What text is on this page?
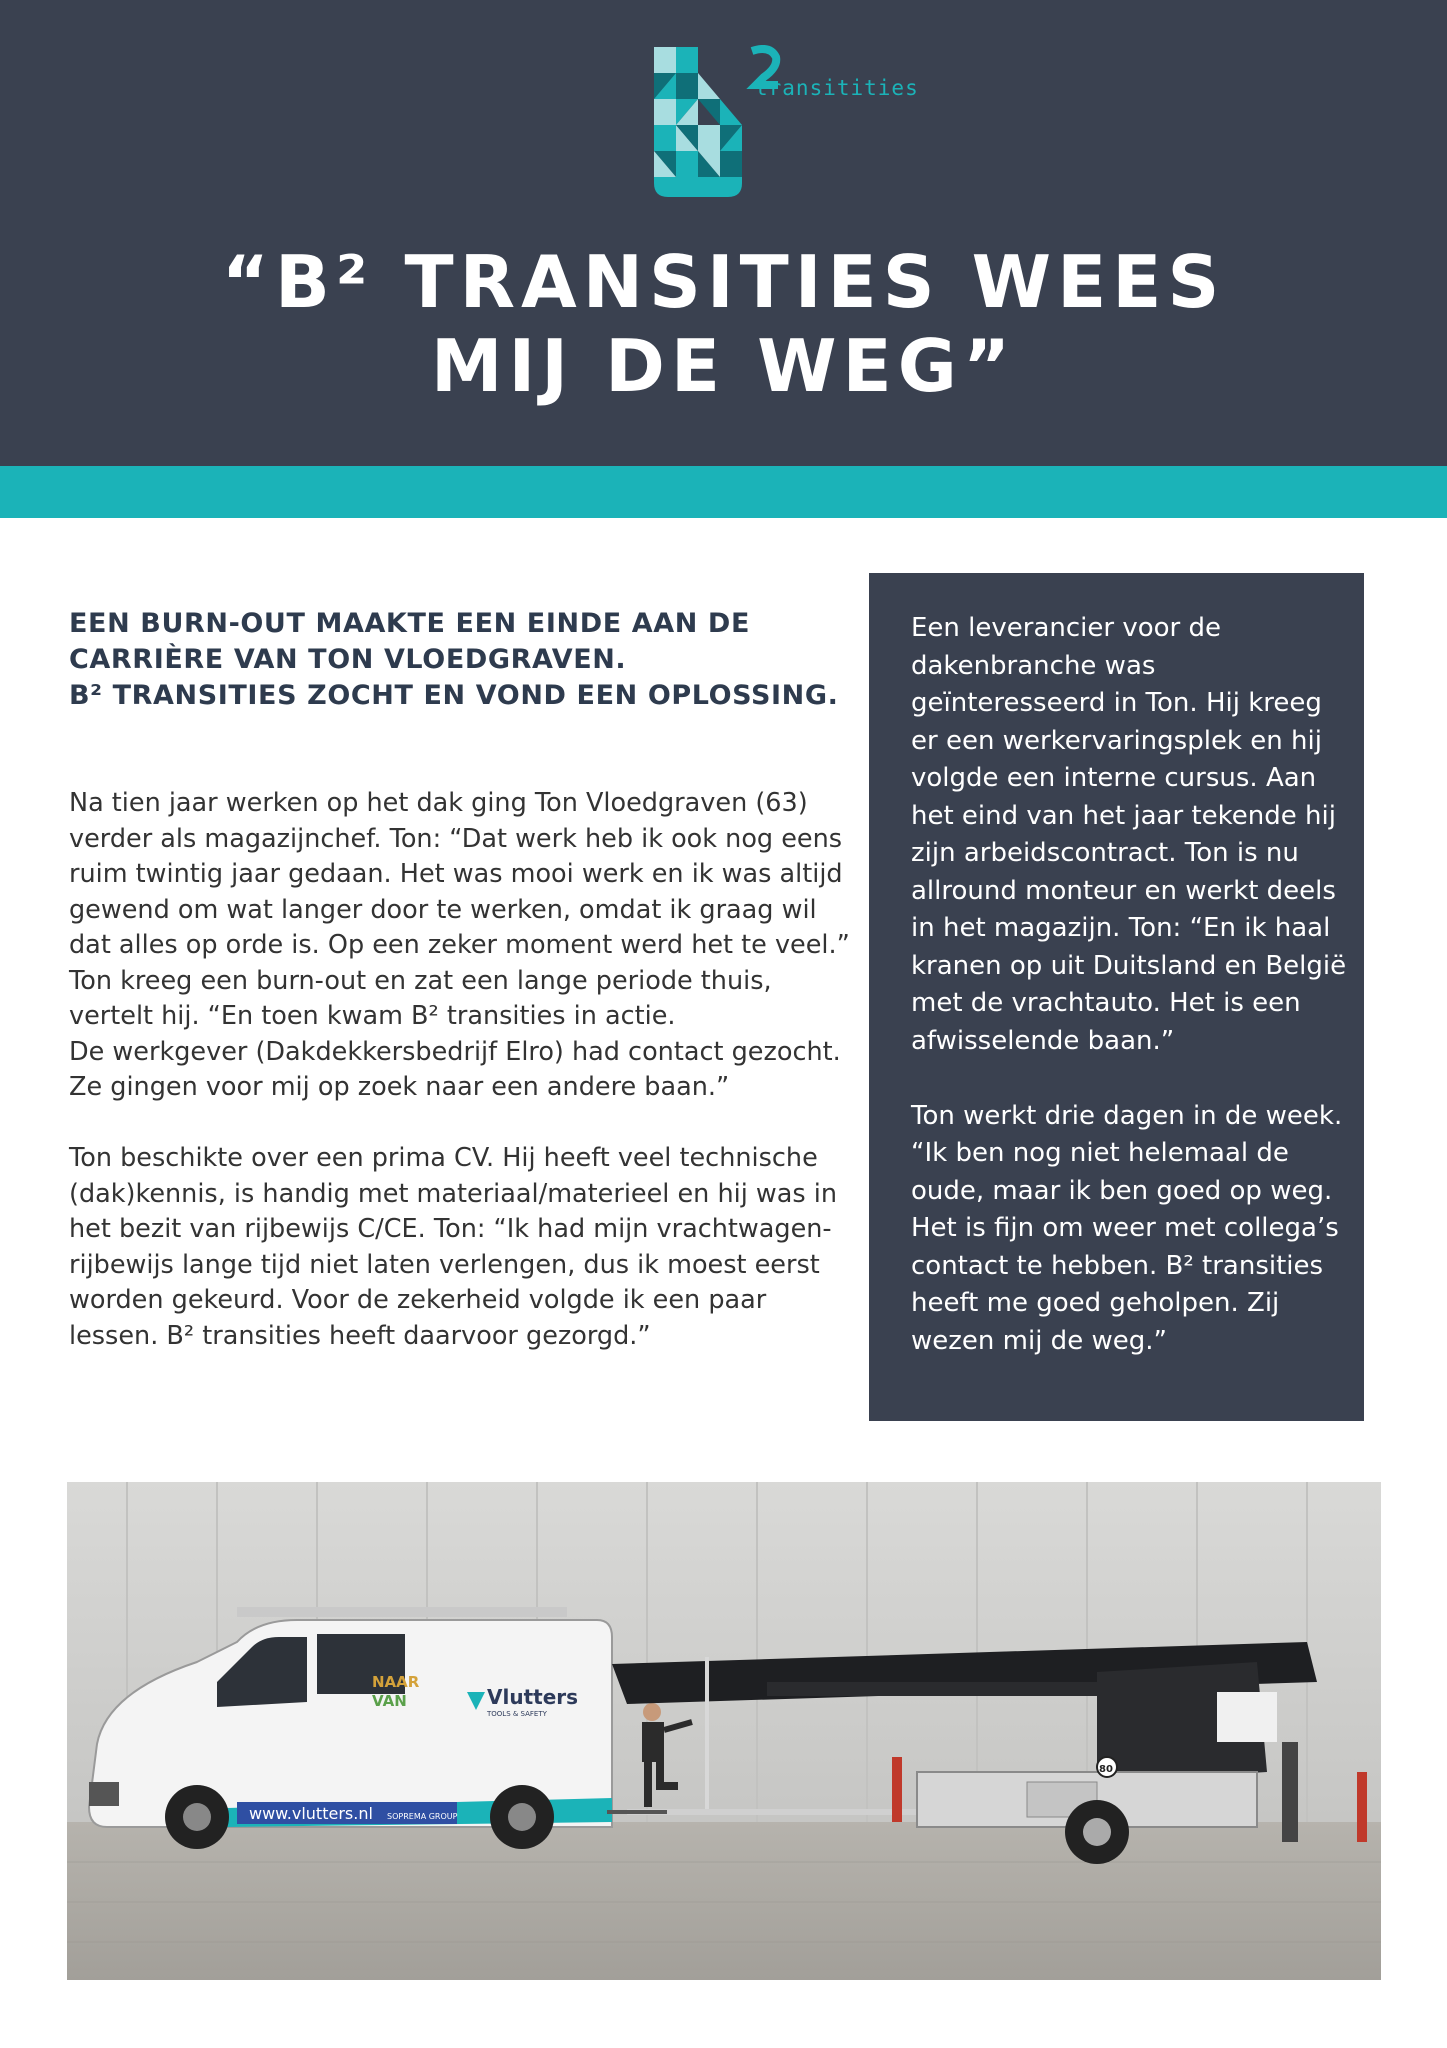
transitities
“B² TRANSITIES WEES
MIJ DE WEG”
EEN BURN-OUT MAAKTE EEN EINDE AAN DE
CARRIÈRE VAN TON VLOEDGRAVEN.
B² TRANSITIES ZOCHT EN VOND EEN OPLOSSING.
Na tien jaar werken op het dak ging Ton Vloedgraven (63)
verder als magazijnchef. Ton: “Dat werk heb ik ook nog eens
ruim twintig jaar gedaan. Het was mooi werk en ik was altijd
gewend om wat langer door te werken, omdat ik graag wil
dat alles op orde is. Op een zeker moment werd het te veel.”
Ton kreeg een burn-out en zat een lange periode thuis,
vertelt hij. “En toen kwam B² transities in actie.
De werkgever (Dakdekkersbedrijf Elro) had contact gezocht.
Ze gingen voor mij op zoek naar een andere baan.”
Ton beschikte over een prima CV. Hij heeft veel technische
(dak)kennis, is handig met materiaal/materieel en hij was in
het bezit van rijbewijs C/CE. Ton: “Ik had mijn vrachtwagen-
rijbewijs lange tijd niet laten verlengen, dus ik moest eerst
worden gekeurd. Voor de zekerheid volgde ik een paar
lessen. B² transities heeft daarvoor gezorgd.”
Een leverancier voor de
dakenbranche was
geïnteresseerd in Ton. Hij kreeg
er een werkervaringsplek en hij
volgde een interne cursus. Aan
het eind van het jaar tekende hij
zijn arbeidscontract. Ton is nu
allround monteur en werkt deels
in het magazijn. Ton: “En ik haal
kranen op uit Duitsland en België
met de vrachtauto. Het is een
afwisselende baan.”
Ton werkt drie dagen in de week.
“Ik ben nog niet helemaal de
oude, maar ik ben goed op weg.
Het is fijn om weer met collega’s
contact te hebben. B² transities
heeft me goed geholpen. Zij
wezen mij de weg.”
www.vlutters.nl SOPREMA GROUP
Vlutters
TOOLS & SAFETY
NAAR
VAN
80
